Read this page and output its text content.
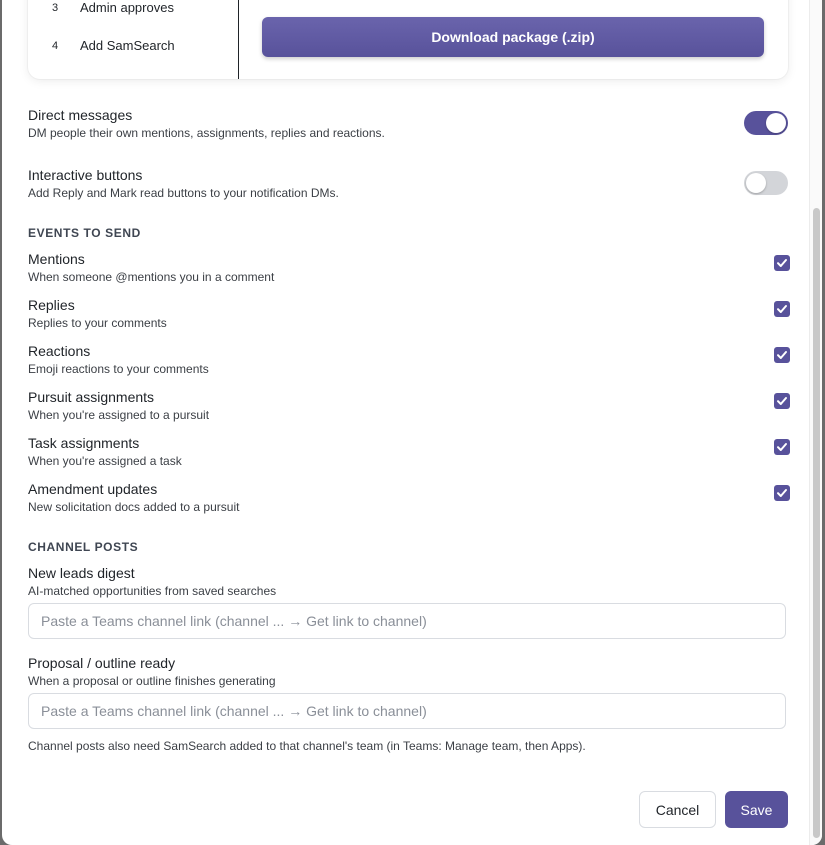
3	Admin approves
4	Add SamSearch
Download package (.zip)
Direct messages
DM people their own mentions, assignments, replies and reactions.
Interactive buttons
Add Reply and Mark read buttons to your notification DMs.
EVENTS TO SEND
Mentions
When someone @mentions you in a comment
Replies
Replies to your comments
Reactions
Emoji reactions to your comments
Pursuit assignments
When you're assigned to a pursuit
Task assignments
When you're assigned a task
Amendment updates
New solicitation docs added to a pursuit
CHANNEL POSTS
New leads digest
AI-matched opportunities from saved searches
Paste a Teams channel link (channel ... → Get link to channel)
Proposal / outline ready
When a proposal or outline finishes generating
Paste a Teams channel link (channel ... → Get link to channel)
Channel posts also need SamSearch added to that channel's team (in Teams: Manage team, then Apps).
Cancel	Save
